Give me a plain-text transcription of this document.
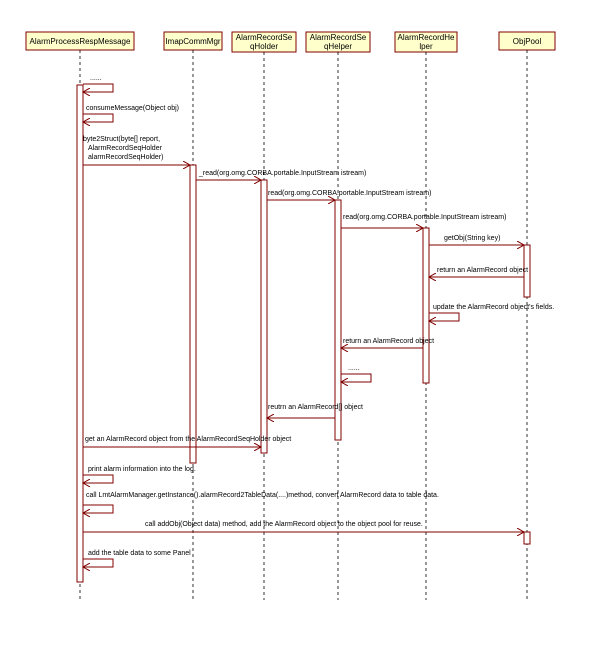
AlarmProcessRespMessage	ImapCommMgr AlarmRecordSe
qHolder
AlarmRecordSe
qHelper
AlarmRecordHe
lper
ObjPool
......
consumeMessage(Object obj)
byte2Struct(byte[] report,
AlarmRecordSeqHolder
alarmRecordSeqHolder)
_read(org.omg.CORBA.portable.InputStream istream)
read(org.omg.CORBA.portable.InputStream istream)
read(org.omg.CORBA.portable.InputStream istream)
getObj(String key)
return an AlarmRecord object
update the AlarmRecord object's fields.
return an AlarmRecord object
......
reutrn an AlarmRecord[] object
get an AlarmRecord object from the AlarmRecordSeqHolder object
print alarm information into the log.
call LmtAlarmManager.getInstance().alarmRecord2TableData(....)method, convert AlarmRecord data to table data.
call addObj(Object data) method, add the AlarmRecord object to the object pool for reuse.
add the table data to some Panel
